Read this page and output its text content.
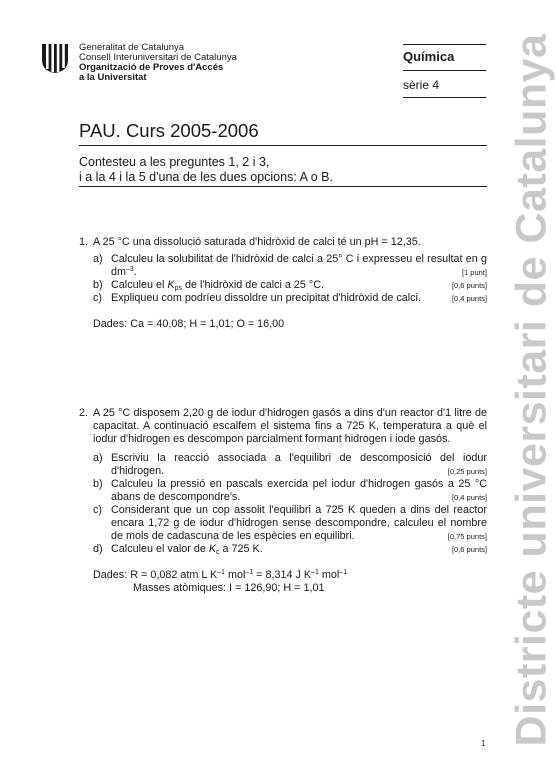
Generalitat de Catalunya
Consell Interuniversitari de Catalunya
Organització de Proves d'Accés
a la Universitat
Química
sèrie 4
PAU. Curs 2005-2006
Contesteu a les preguntes 1, 2 i 3,
i a la 4 i la 5 d'una de les dues opcions: A o B.	Districte universitari de Catalunya
1. A 25 °C una dissolució saturada d'hidròxid de calci té un pH = 12,35.
a) Calculeu la solubilitat de l'hidròxid de calci a 25° C i expresseu el resultat en g $dm^{-3}$.	[1 punt]
b) Calculeu el $K_{ps}$ de l'hidròxid de calci a 25 °C.	[0,6 punts]
c) Expliqueu com podríeu dissoldre un precipitat d'hidròxid de calci.	[0,4 punts]
Dades: Ca = 40,08; H = 1,01; O = 16,00
2. A 25 °C disposem 2,20 g de iodur d'hidrogen gasós a dins d'un reactor d'1 litre de capacitat. A continuació escalfem el sistema fins a 725 K, temperatura a què el iodur d'hidrogen es descompon parcialment formant hidrogen i iode gasós.
a) Escriviu la reacció associada a l'equilibri de descomposició del iodur d'hidrogen.	[0,25 punts]
b) Calculeu la pressió en pascals exercida pel iodur d'hidrogen gasós a 25 °C abans de descompondre's.	[0,4 punts]
c) Considerant que un cop assolit l'equilibri a 725 K queden a dins del reactor encara 1,72 g de iodur d'hidrogen sense descompondre, calculeu el nombre de mols de cadascuna de les espècies en equilibri.	[0,75 punts]
d) Calculeu el valor de $K_c$ a 725 K.	[0,6 punts]
Dades: R = 0,082 atm L $K^{-1}$ mol$^{-1}$ = 8,314 J $K^{-1}$ mol$^{-1}$
Masses atòmiques: I = 126,90; H = 1,01
1
